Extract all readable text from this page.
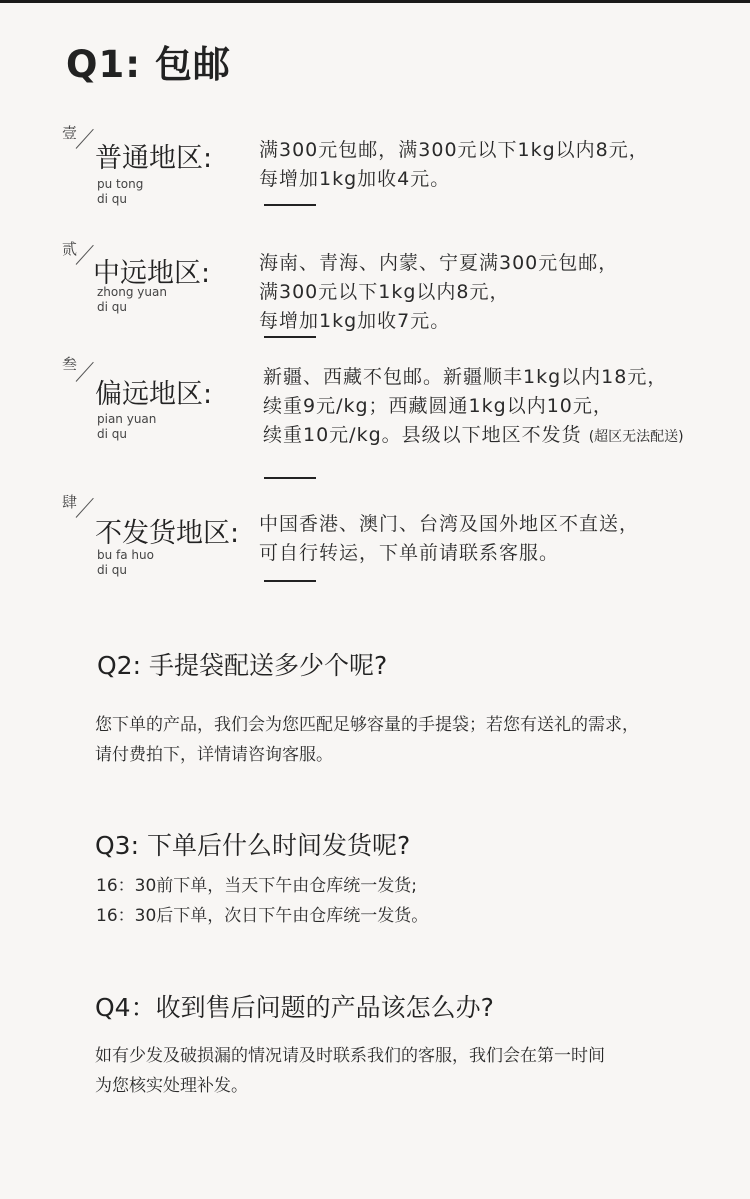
Q1: 包邮
壹
普通地区:
pu tong
di qu
满300元包邮，满300元以下1kg以内8元，
每增加1kg加收4元。
贰
中远地区:
zhong yuan
di qu
海南、青海、内蒙、宁夏满300元包邮，
满300元以下1kg以内8元，
每增加1kg加收7元。
叁
偏远地区:
pian yuan
di qu
新疆、西藏不包邮。新疆顺丰1kg以内18元，
续重9元/kg；西藏圆通1kg以内10元，
续重10元/kg。县级以下地区不发货 (超区无法配送)
肆
不发货地区:
bu fa huo
di qu
中国香港、澳门、台湾及国外地区不直送，
可自行转运，下单前请联系客服。
Q2: 手提袋配送多少个呢?
您下单的产品，我们会为您匹配足够容量的手提袋；若您有送礼的需求，
请付费拍下，详情请咨询客服。
Q3: 下单后什么时间发货呢?
16：30前下单，当天下午由仓库统一发货;
16：30后下单，次日下午由仓库统一发货。
Q4：收到售后问题的产品该怎么办?
如有少发及破损漏的情况请及时联系我们的客服，我们会在第一时间
为您核实处理补发。
